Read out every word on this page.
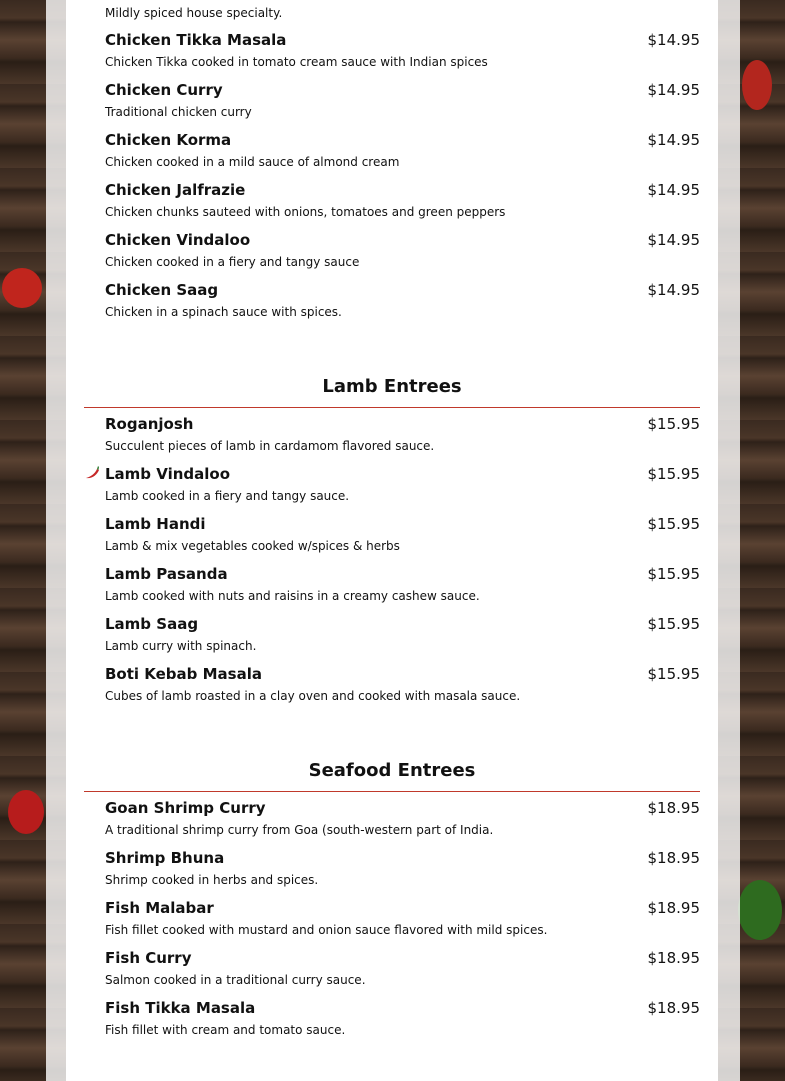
Mildly spiced house specialty.
Chicken Tikka Masala	$14.95
Chicken Tikka cooked in tomato cream sauce with Indian spices
Chicken Curry	$14.95
Traditional chicken curry
Chicken Korma	$14.95
Chicken cooked in a mild sauce of almond cream
Chicken Jalfrazie	$14.95
Chicken chunks sauteed with onions, tomatoes and green peppers
Chicken Vindaloo	$14.95
Chicken cooked in a fiery and tangy sauce
Chicken Saag	$14.95
Chicken in a spinach sauce with spices.
Lamb Entrees
Roganjosh	$15.95
Succulent pieces of lamb in cardamom flavored sauce.
Lamb Vindaloo	$15.95
Lamb cooked in a fiery and tangy sauce.
Lamb Handi	$15.95
Lamb & mix vegetables cooked w/spices & herbs
Lamb Pasanda	$15.95
Lamb cooked with nuts and raisins in a creamy cashew sauce.
Lamb Saag	$15.95
Lamb curry with spinach.
Boti Kebab Masala	$15.95
Cubes of lamb roasted in a clay oven and cooked with masala sauce.
Seafood Entrees
Goan Shrimp Curry	$18.95
A traditional shrimp curry from Goa (south-western part of India.
Shrimp Bhuna	$18.95
Shrimp cooked in herbs and spices.
Fish Malabar	$18.95
Fish fillet cooked with mustard and onion sauce flavored with mild spices.
Fish Curry	$18.95
Salmon cooked in a traditional curry sauce.
Fish Tikka Masala	$18.95
Fish fillet with cream and tomato sauce.
